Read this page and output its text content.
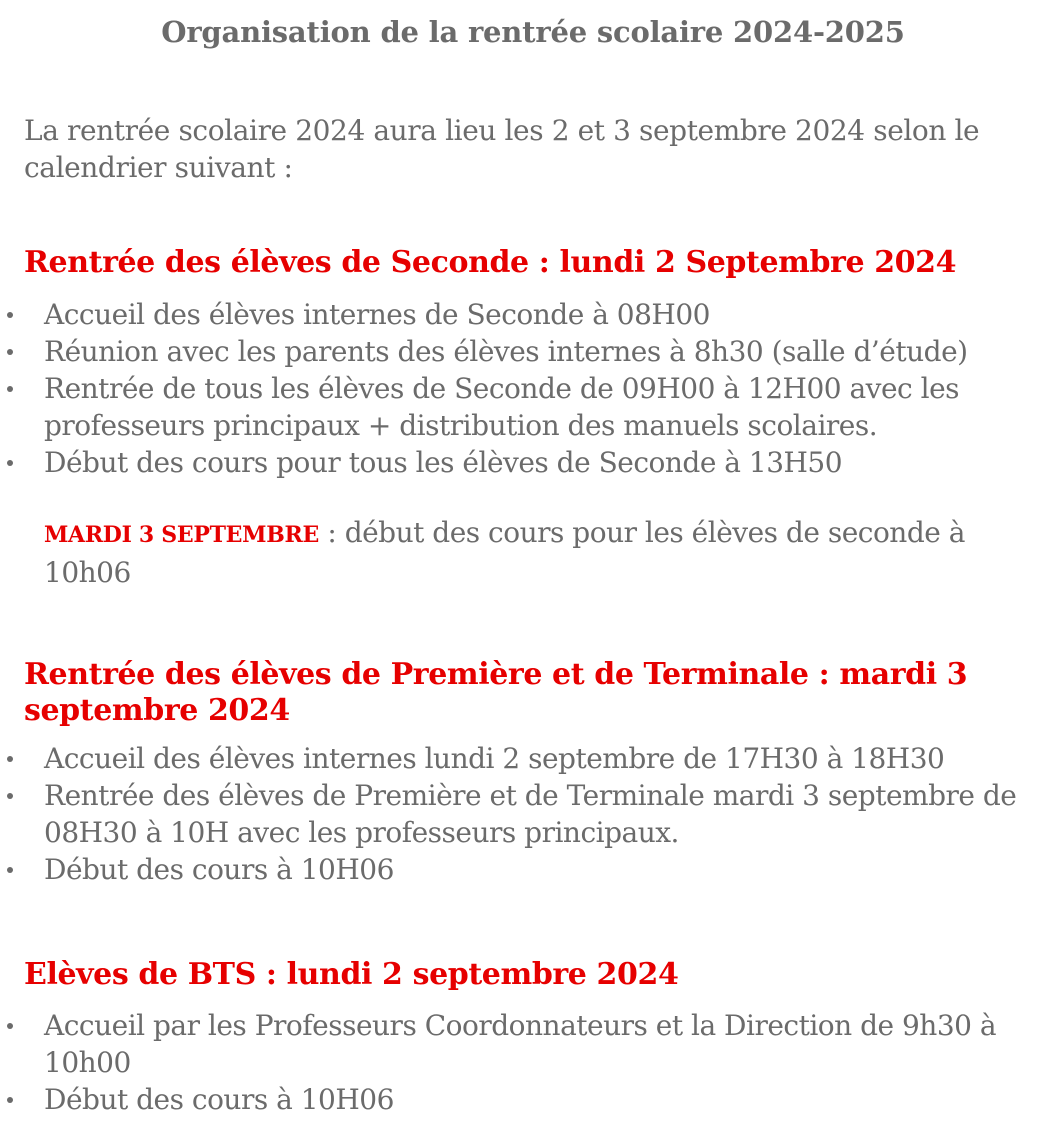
Organisation de la rentrée scolaire 2024-2025

La rentrée scolaire 2024 aura lieu les 2 et 3 septembre 2024 selon le calendrier suivant :

Rentrée des élèves de Seconde : lundi 2 Septembre 2024
Accueil des élèves internes de Seconde à 08H00
Réunion avec les parents des élèves internes à 8h30 (salle d’étude)
Rentrée de tous les élèves de Seconde de 09H00 à 12H00 avec les professeurs principaux + distribution des manuels scolaires.
Début des cours pour tous les élèves de Seconde à 13H50

MARDI 3 SEPTEMBRE : début des cours pour les élèves de seconde à 10h06

Rentrée des élèves de Première et de Terminale : mardi 3 septembre 2024
Accueil des élèves internes lundi 2 septembre de 17H30 à 18H30
Rentrée des élèves de Première et de Terminale mardi 3 septembre de 08H30 à 10H avec les professeurs principaux.
Début des cours à 10H06
Elèves de BTS : lundi 2 septembre 2024
Accueil par les Professeurs Coordonnateurs et la Direction de 9h30 à 10h00
Début des cours à 10H06
